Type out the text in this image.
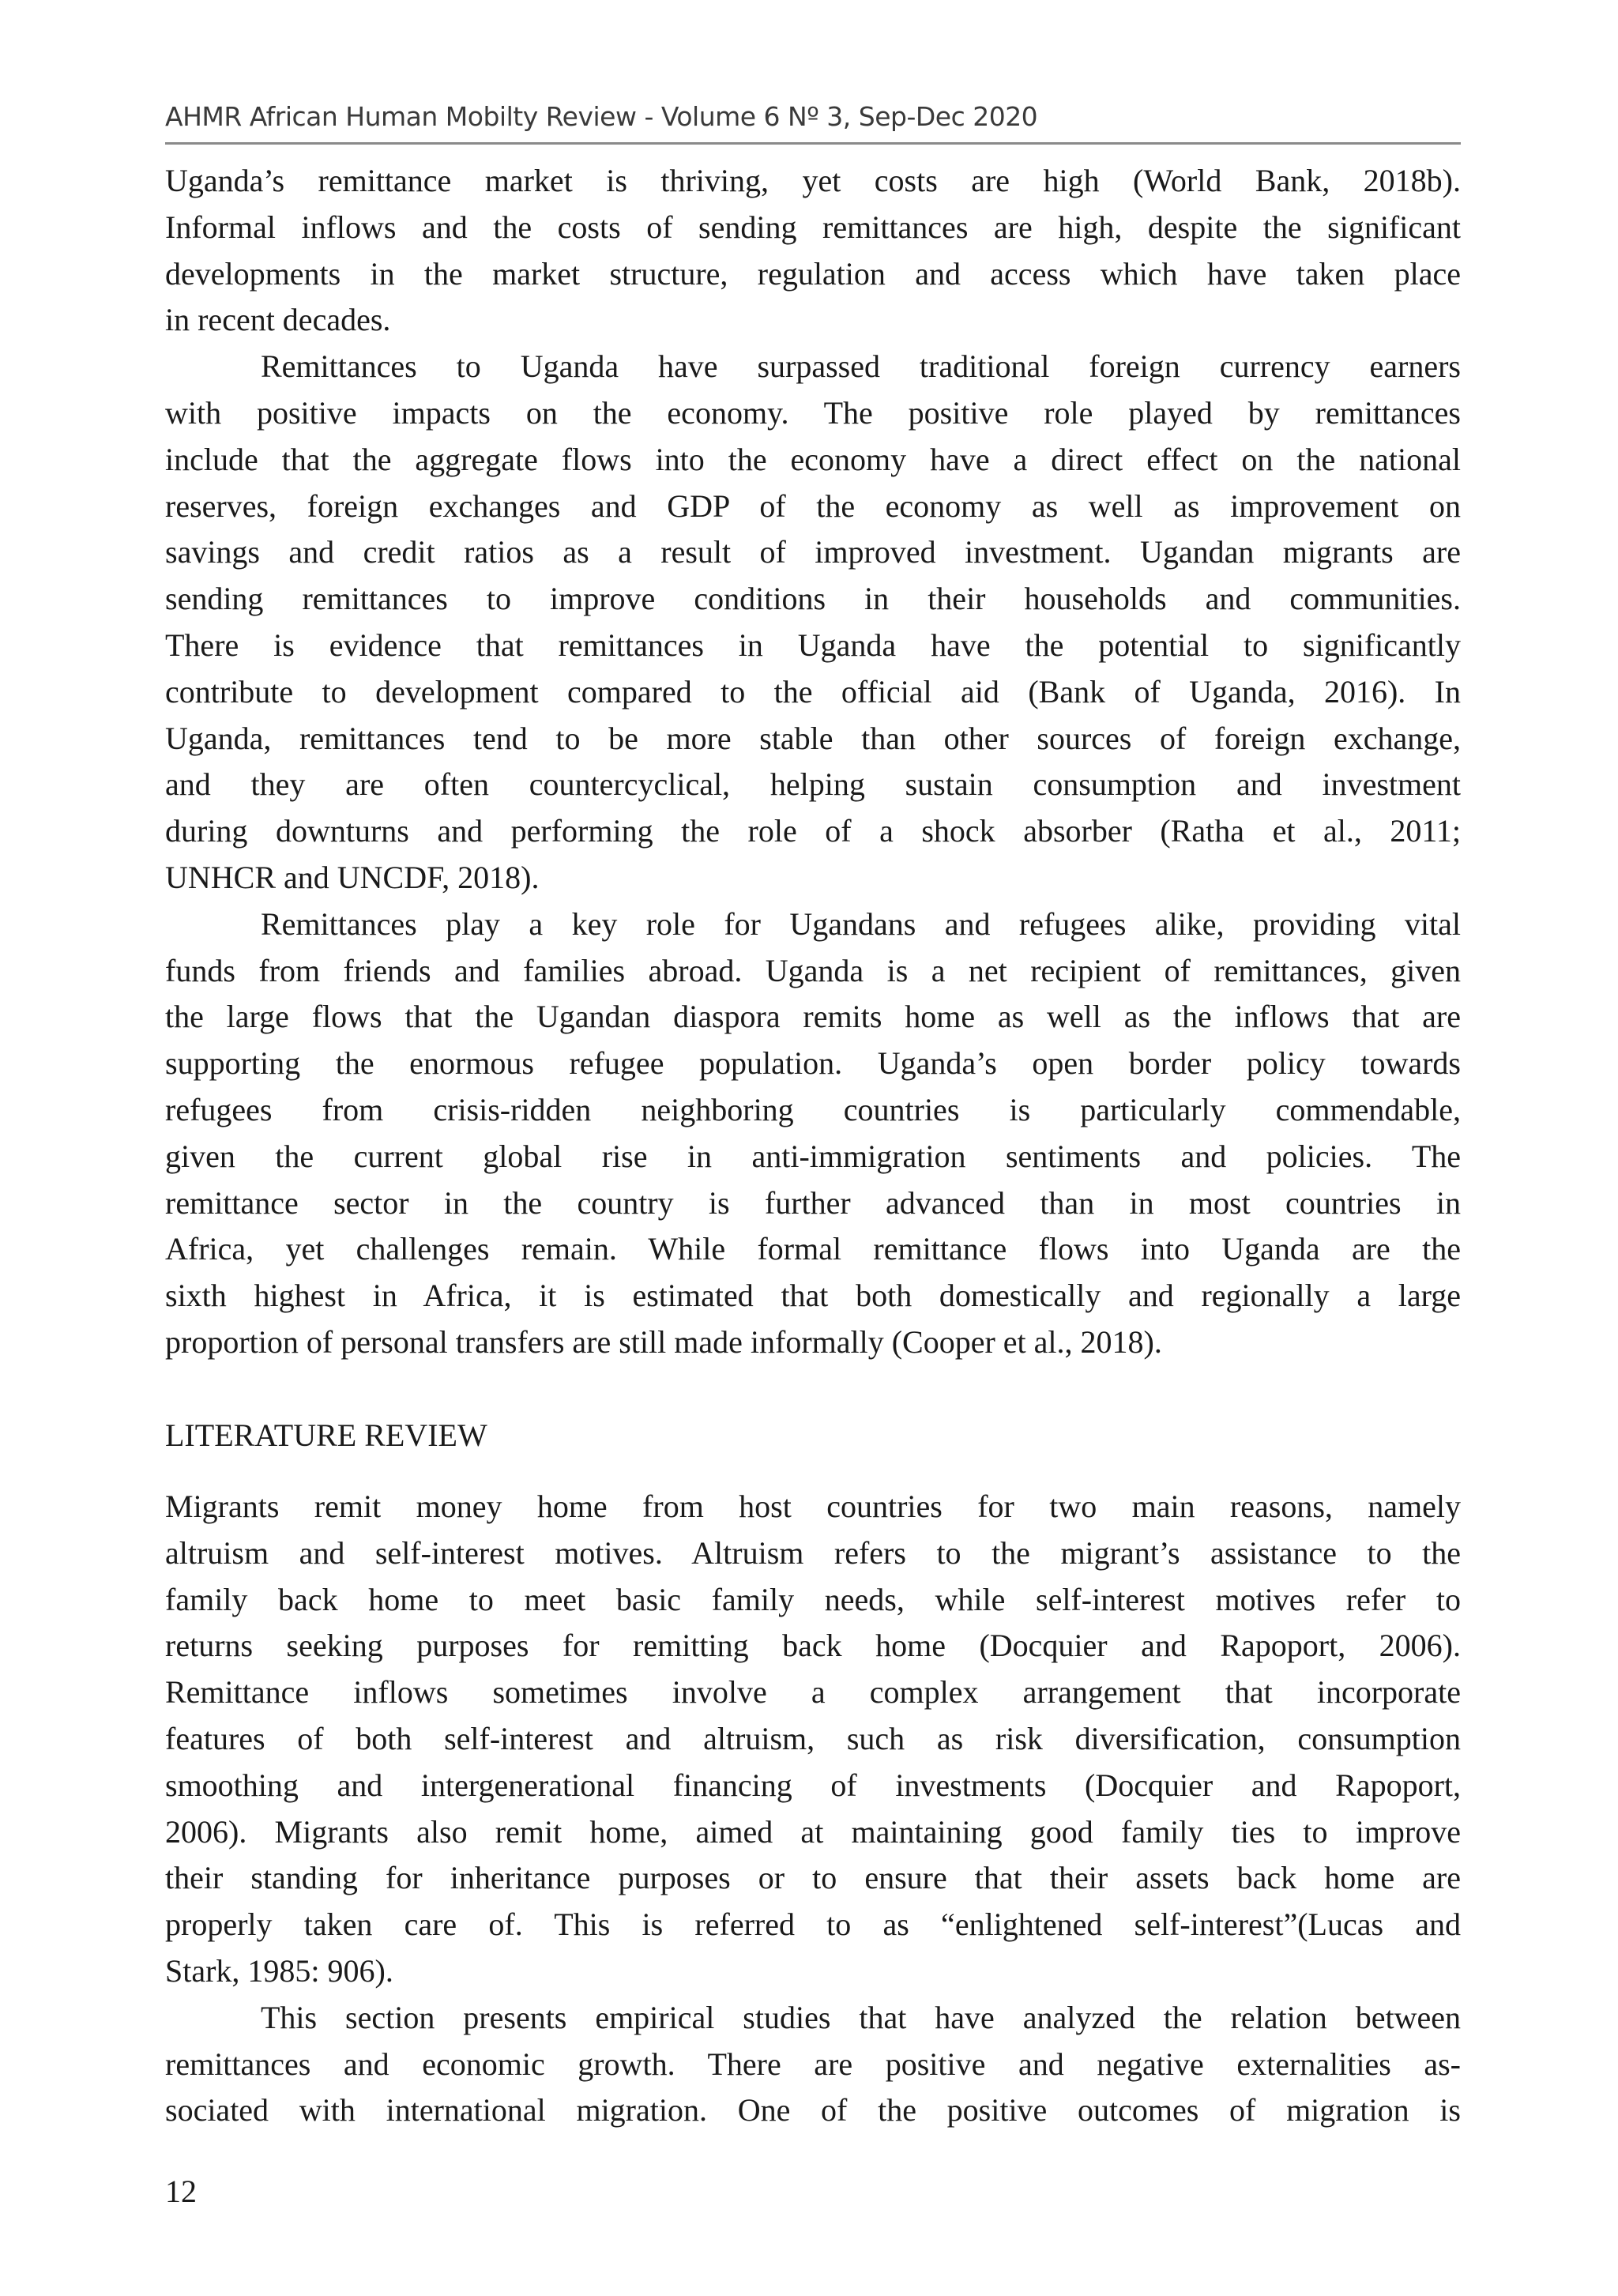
AHMR African Human Mobilty Review - Volume 6 Nº 3, Sep-Dec 2020
Uganda’s remittance market is thriving, yet costs are high (World Bank, 2018b).
Informal inflows and the costs of sending remittances are high, despite the significant
developments in the market structure, regulation and access which have taken place
in recent decades.
Remittances to Uganda have surpassed traditional foreign currency earners
with positive impacts on the economy. The positive role played by remittances
include that the aggregate flows into the economy have a direct effect on the national
reserves, foreign exchanges and GDP of the economy as well as improvement on
savings and credit ratios as a result of improved investment. Ugandan migrants are
sending remittances to improve conditions in their households and communities.
There is evidence that remittances in Uganda have the potential to significantly
contribute to development compared to the official aid (Bank of Uganda, 2016). In
Uganda, remittances tend to be more stable than other sources of foreign exchange,
and they are often countercyclical, helping sustain consumption and investment
during downturns and performing the role of a shock absorber (Ratha et al., 2011;
UNHCR and UNCDF, 2018).
Remittances play a key role for Ugandans and refugees alike, providing vital
funds from friends and families abroad. Uganda is a net recipient of remittances, given
the large flows that the Ugandan diaspora remits home as well as the inflows that are
supporting the enormous refugee population. Uganda’s open border policy towards
refugees from crisis-ridden neighboring countries is particularly commendable,
given the current global rise in anti-immigration sentiments and policies. The
remittance sector in the country is further advanced than in most countries in
Africa, yet challenges remain. While formal remittance flows into Uganda are the
sixth highest in Africa, it is estimated that both domestically and regionally a large
proportion of personal transfers are still made informally (Cooper et al., 2018).
LITERATURE REVIEW
Migrants remit money home from host countries for two main reasons, namely
altruism and self-interest motives. Altruism refers to the migrant’s assistance to the
family back home to meet basic family needs, while self-interest motives refer to
returns seeking purposes for remitting back home (Docquier and Rapoport, 2006).
Remittance inflows sometimes involve a complex arrangement that incorporate
features of both self-interest and altruism, such as risk diversification, consumption
smoothing and intergenerational financing of investments (Docquier and Rapoport,
2006). Migrants also remit home, aimed at maintaining good family ties to improve
their standing for inheritance purposes or to ensure that their assets back home are
properly taken care of. This is referred to as “enlightened self-interest”(Lucas and
Stark, 1985: 906).
This section presents empirical studies that have analyzed the relation between
remittances and economic growth. There are positive and negative externalities as-
sociated with international migration. One of the positive outcomes of migration is
12
